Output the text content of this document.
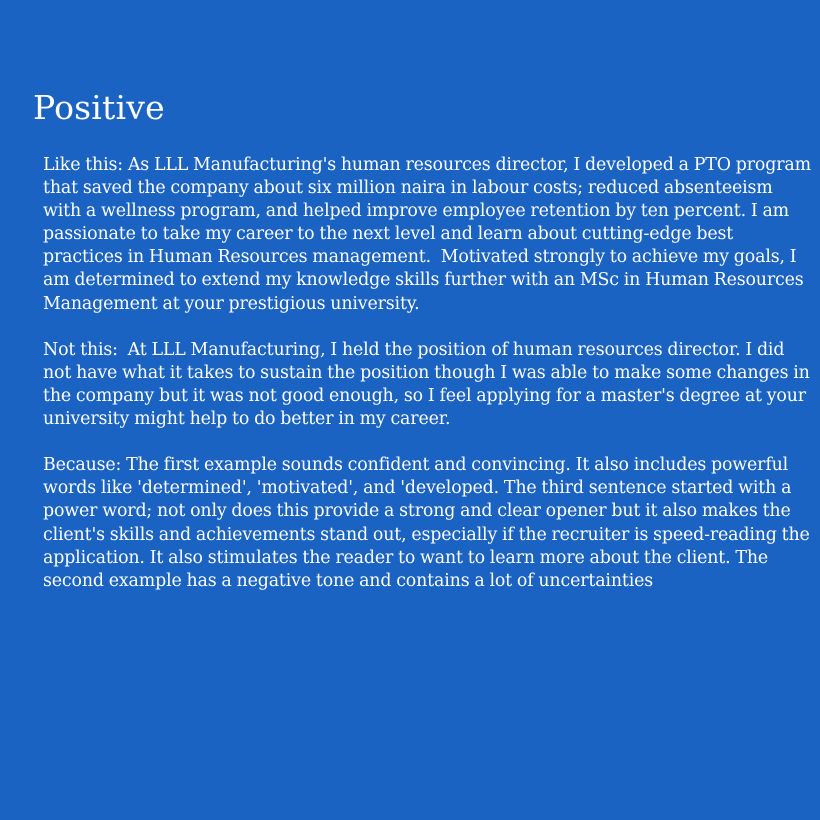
Positive

Like this: As LLL Manufacturing's human resources director, I developed a PTO program that saved the company about six million naira in labour costs; reduced absenteeism with a wellness program, and helped improve employee retention by ten percent. I am passionate to take my career to the next level and learn about cutting-edge best practices in Human Resources management.  Motivated strongly to achieve my goals, I am determined to extend my knowledge skills further with an MSc in Human Resources Management at your prestigious university.

Not this:  At LLL Manufacturing, I held the position of human resources director. I did not have what it takes to sustain the position though I was able to make some changes in the company but it was not good enough, so I feel applying for a master's degree at your university might help to do better in my career.

Because: The first example sounds confident and convincing. It also includes powerful words like 'determined', 'motivated', and 'developed. The third sentence started with a power word; not only does this provide a strong and clear opener but it also makes the client's skills and achievements stand out, especially if the recruiter is speed-reading the application. It also stimulates the reader to want to learn more about the client. The second example has a negative tone and contains a lot of uncertainties
